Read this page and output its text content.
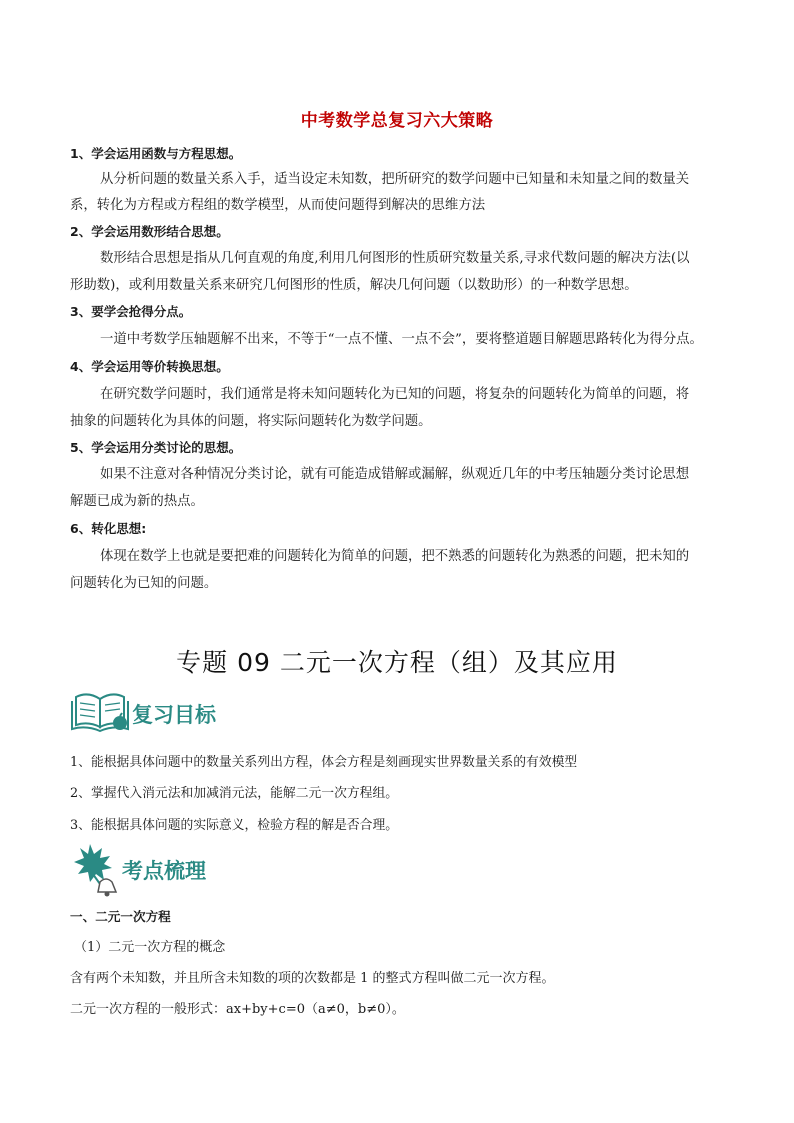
中考数学总复习六大策略
1、学会运用函数与方程思想。
从分析问题的数量关系入手，适当设定未知数，把所研究的数学问题中已知量和未知量之间的数量关
系，转化为方程或方程组的数学模型，从而使问题得到解决的思维方法
2、学会运用数形结合思想。
数形结合思想是指从几何直观的角度,利用几何图形的性质研究数量关系,寻求代数问题的解决方法(以
形助数)，或利用数量关系来研究几何图形的性质，解决几何问题（以数助形）的一种数学思想。
3、要学会抢得分点。
一道中考数学压轴题解不出来，不等于“一点不懂、一点不会”，要将整道题目解题思路转化为得分点。
4、学会运用等价转换思想。
在研究数学问题时，我们通常是将未知问题转化为已知的问题，将复杂的问题转化为简单的问题，将
抽象的问题转化为具体的问题，将实际问题转化为数学问题。
5、学会运用分类讨论的思想。
如果不注意对各种情况分类讨论，就有可能造成错解或漏解，纵观近几年的中考压轴题分类讨论思想
解题已成为新的热点。
6、转化思想:
体现在数学上也就是要把难的问题转化为简单的问题，把不熟悉的问题转化为熟悉的问题，把未知的
问题转化为已知的问题。
专题 09 二元一次方程（组）及其应用
复习目标
1、能根据具体问题中的数量关系列出方程，体会方程是刻画现实世界数量关系的有效模型
2、掌握代入消元法和加减消元法，能解二元一次方程组。
3、能根据具体问题的实际意义，检验方程的解是否合理。
考点梳理
一、二元一次方程
（1）二元一次方程的概念
含有两个未知数，并且所含未知数的项的次数都是 1 的整式方程叫做二元一次方程。
二元一次方程的一般形式：ax+by+c=0（a≠0，b≠0）。
